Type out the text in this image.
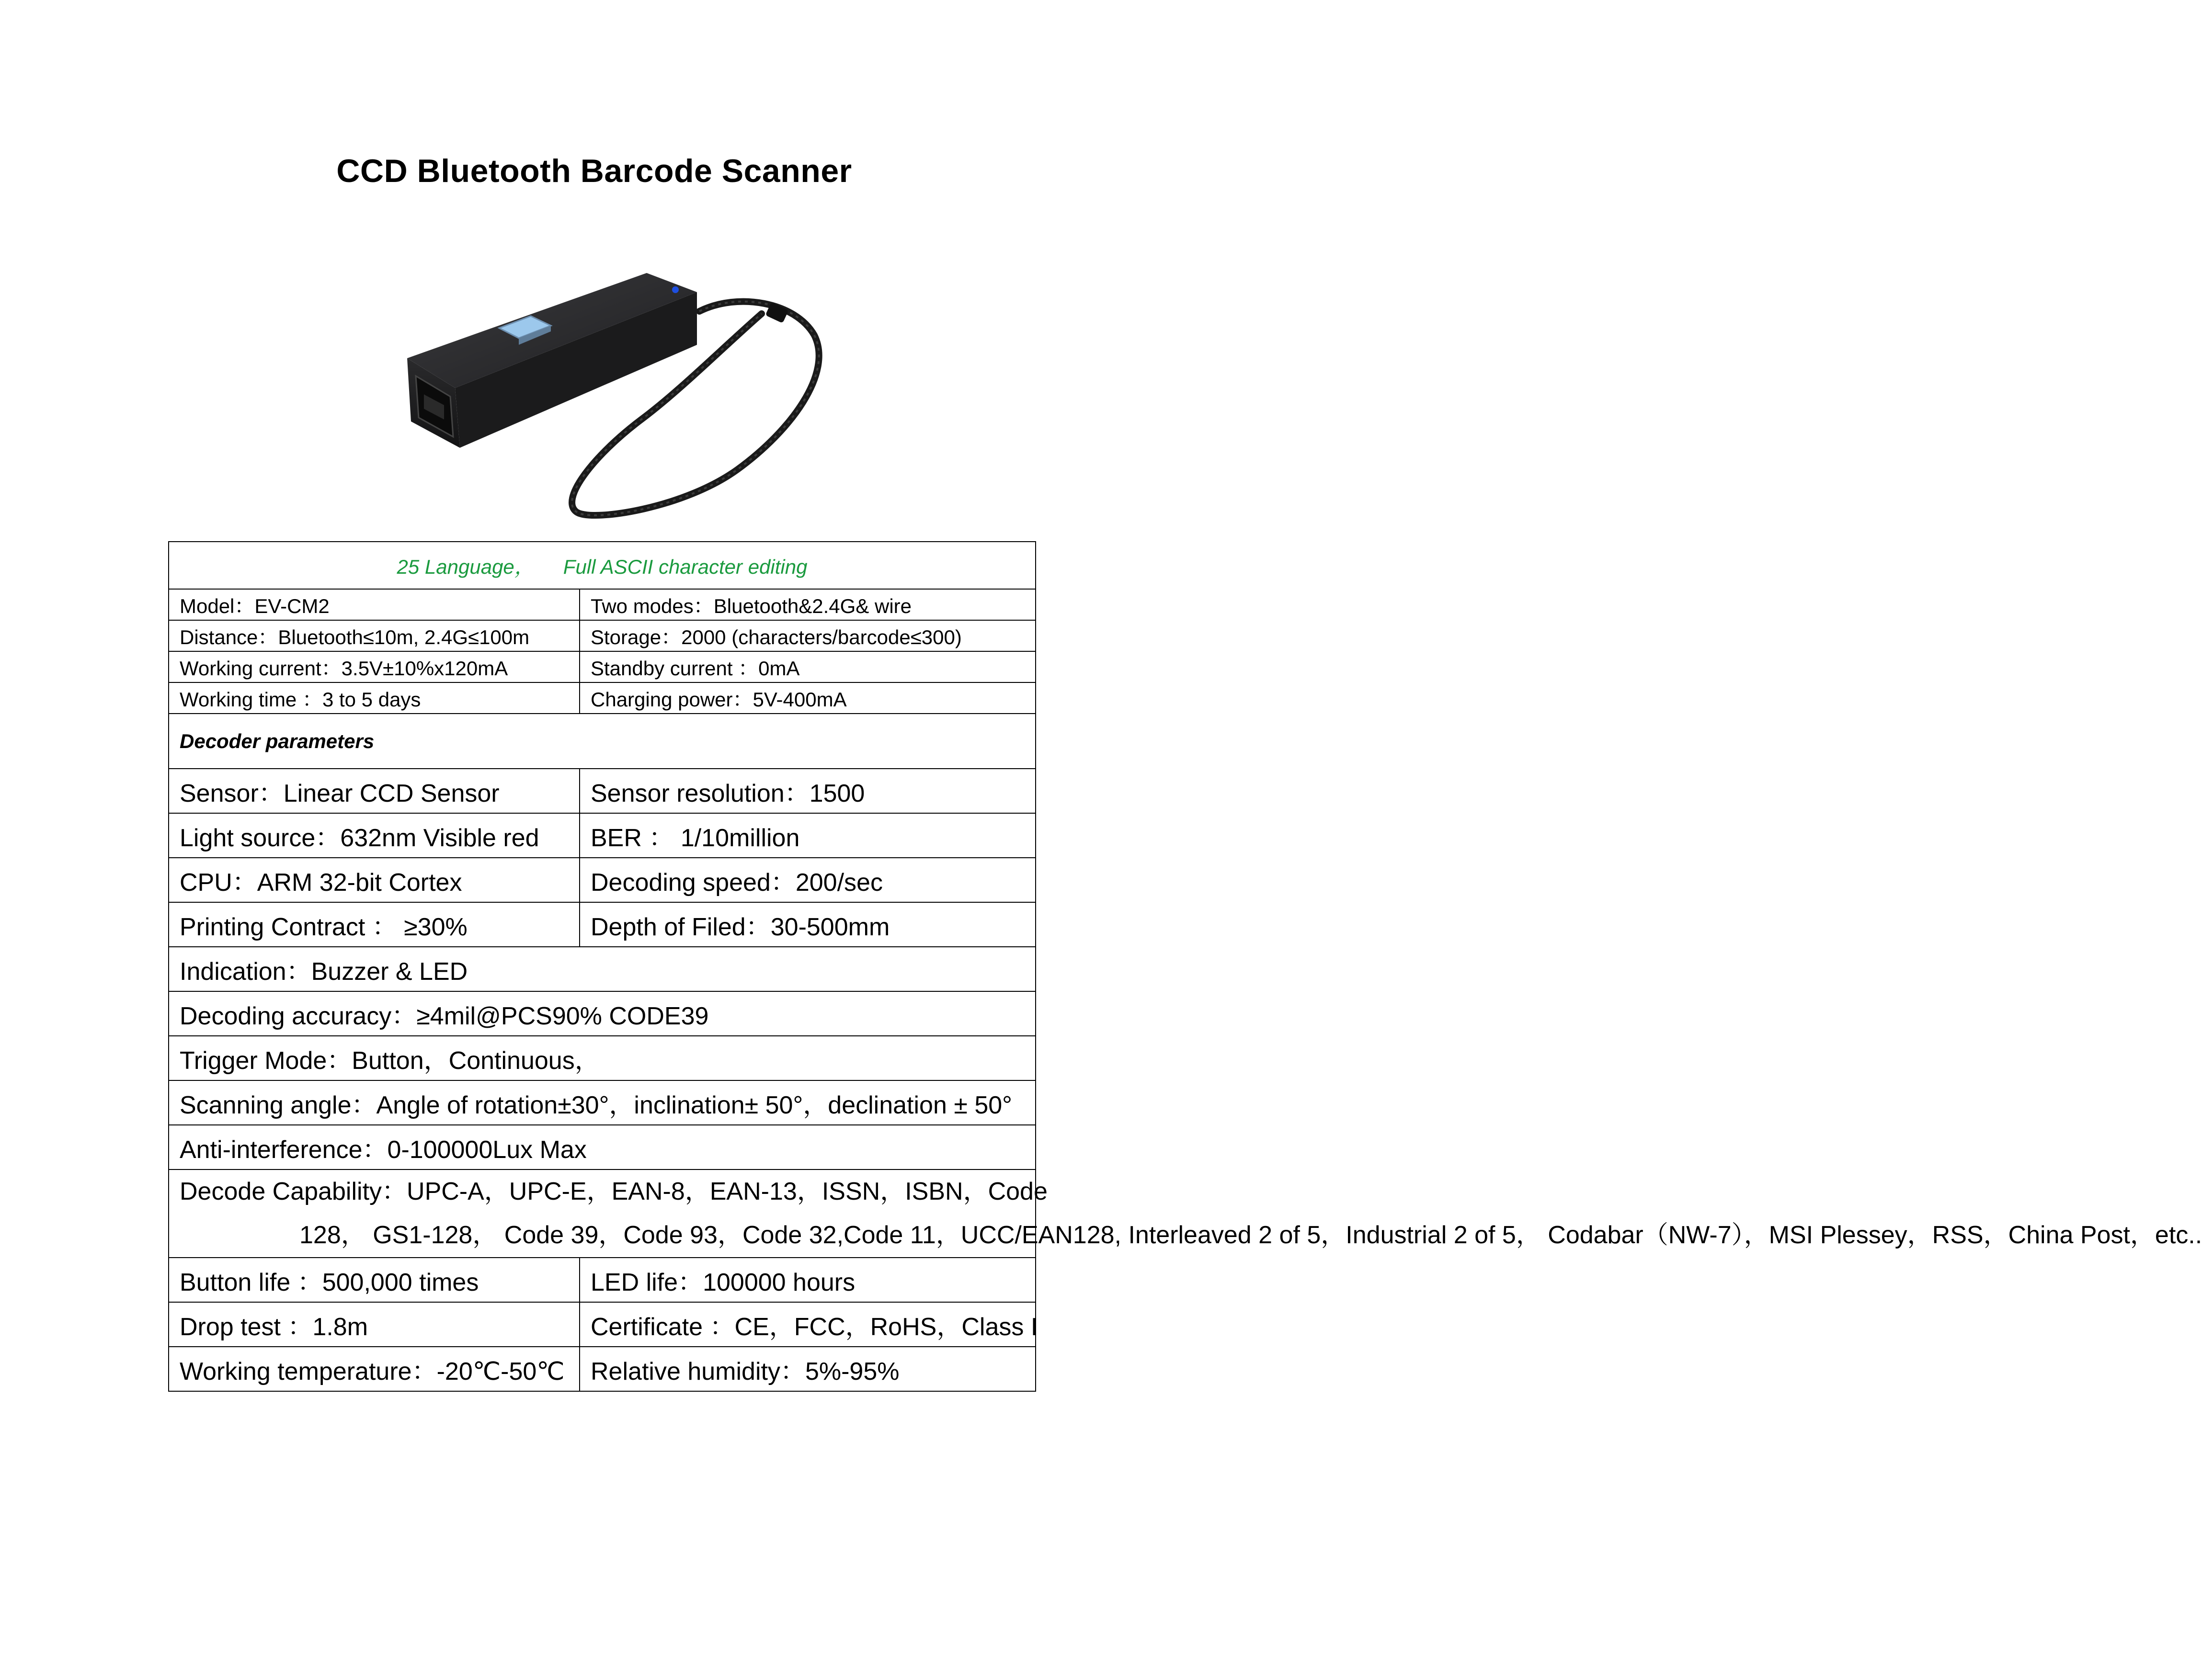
CCD Bluetooth Barcode Scanner
25 Language， Full ASCII character editing	
Model：EV-CM2	Two modes：Bluetooth&2.4G& wire
Distance：Bluetooth≤10m, 2.4G≤100m	Storage：2000 (characters/barcode≤300)
Working current：3.5V±10%x120mA	Standby current ：0mA
Working time ：3 to 5 days	Charging power：5V-400mA
Decoder parameters	
Sensor：Linear CCD Sensor	Sensor resolution：1500
Light source：632nm Visible red	BER ： 1/10million
CPU：ARM 32-bit Cortex	Decoding speed：200/sec
Printing Contract ： ≥30%	Depth of Filed：30-500mm
Indication：Buzzer & LED	
Decoding accuracy：≥4mil@PCS90% CODE39	
Trigger Mode：Button，Continuous，	
Scanning angle：Angle of rotation±30°，inclination± 50°，declination ± 50°	
Anti-interference：0-100000Lux Max	

Decode Capability：UPC-A，UPC-E，EAN-8，EAN-13，ISSN，ISBN，Code
128， GS1-128， Code 39，Code 93，Code 32,Code 11，UCC/EAN128, Interleaved 2 of 5，Industrial 2 of 5， Codabar（NW-7），MSI Plessey，RSS，China Post，etc..	

Button life ：500,000 times	LED life：100000 hours
Drop test ：1.8m	Certificate ：CE，FCC，RoHS，Class I
Working temperature：-20℃-50℃	Relative humidity：5%-95%
